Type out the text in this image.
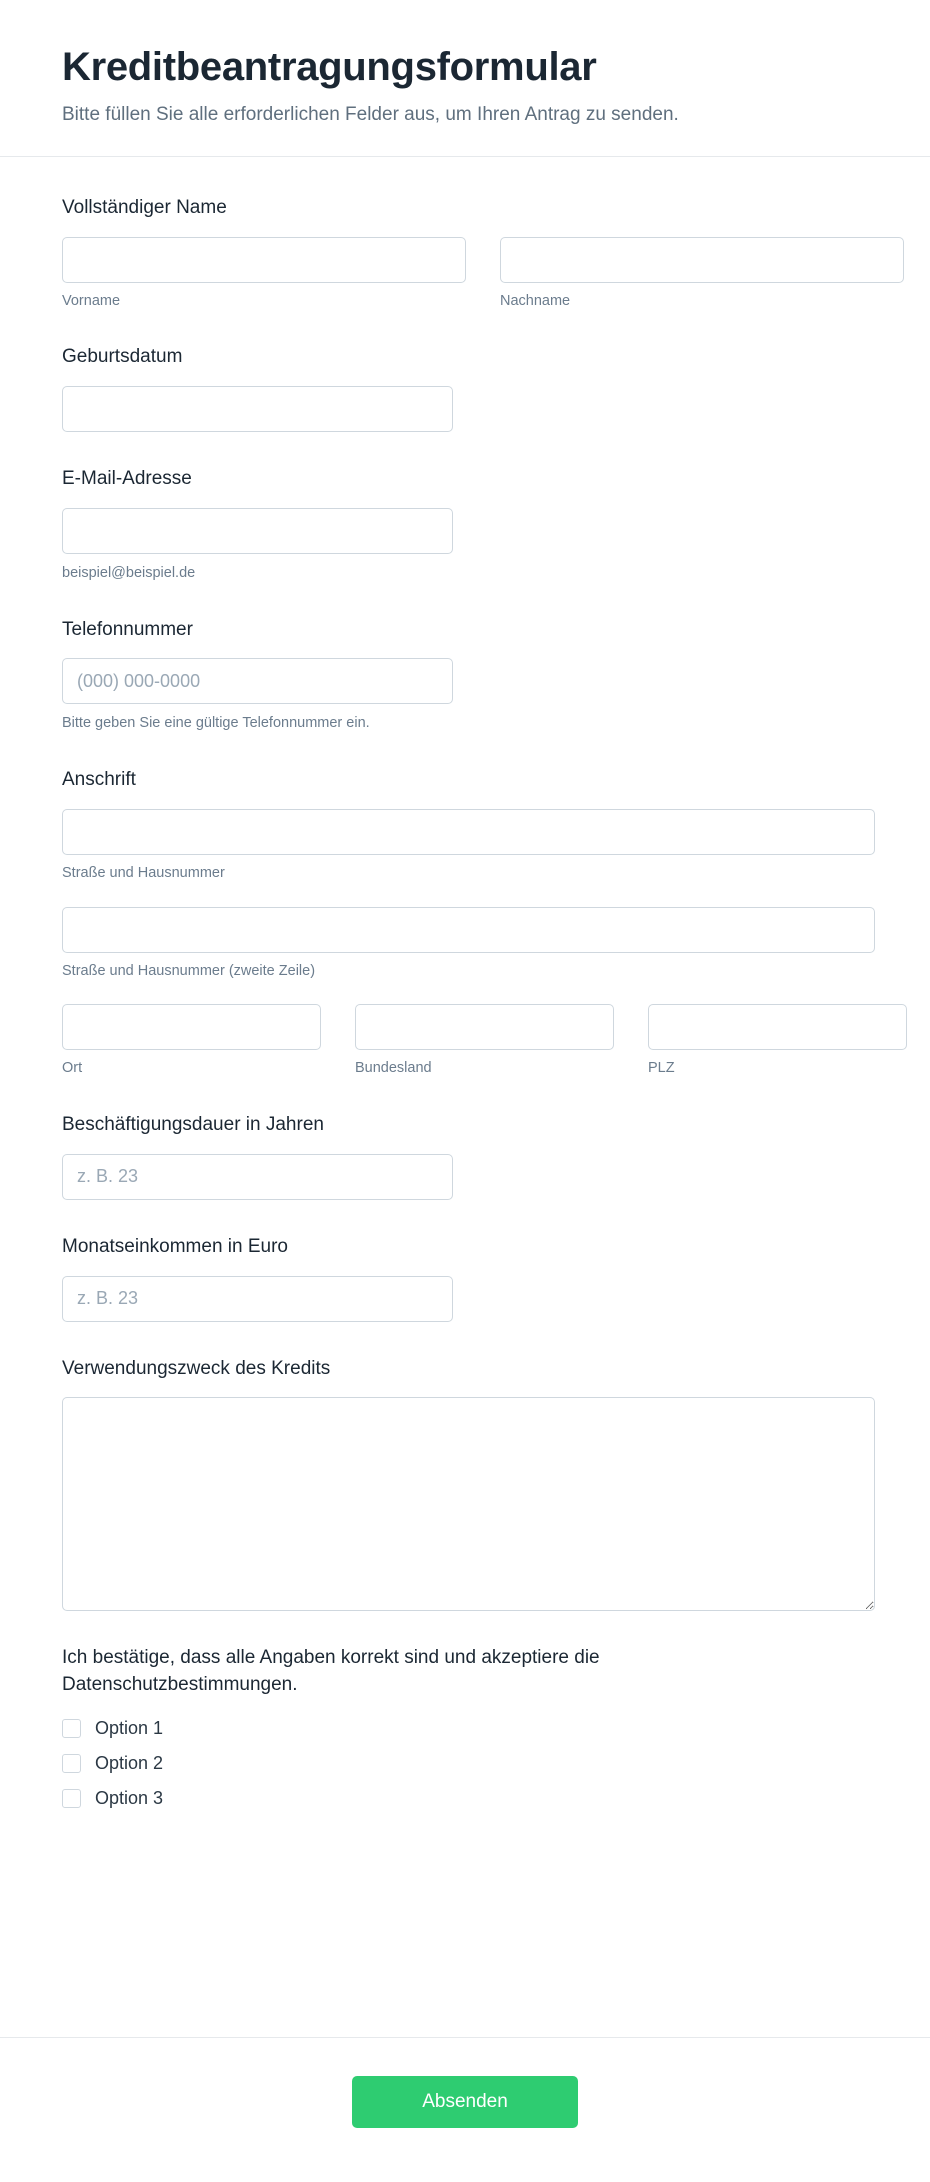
Kreditbeantragungsformular

Bitte füllen Sie alle erforderlichen Felder aus, um Ihren Antrag zu senden.

Vollständiger Name
Vorname	Nachname
Geburtsdatum
E-Mail-Adresse
beispiel@beispiel.de
Telefonnummer
(000) 000-0000
Bitte geben Sie eine gültige Telefonnummer ein.
Anschrift
Straße und Hausnummer
Straße und Hausnummer (zweite Zeile)
Ort	Bundesland	PLZ
Beschäftigungsdauer in Jahren
z. B. 23
Monatseinkommen in Euro
z. B. 23
Verwendungszweck des Kredits

Ich bestätige, dass alle Angaben korrekt sind und akzeptiere die Datenschutzbestimmungen.

Option 1
Option 2
Option 3
Absenden
